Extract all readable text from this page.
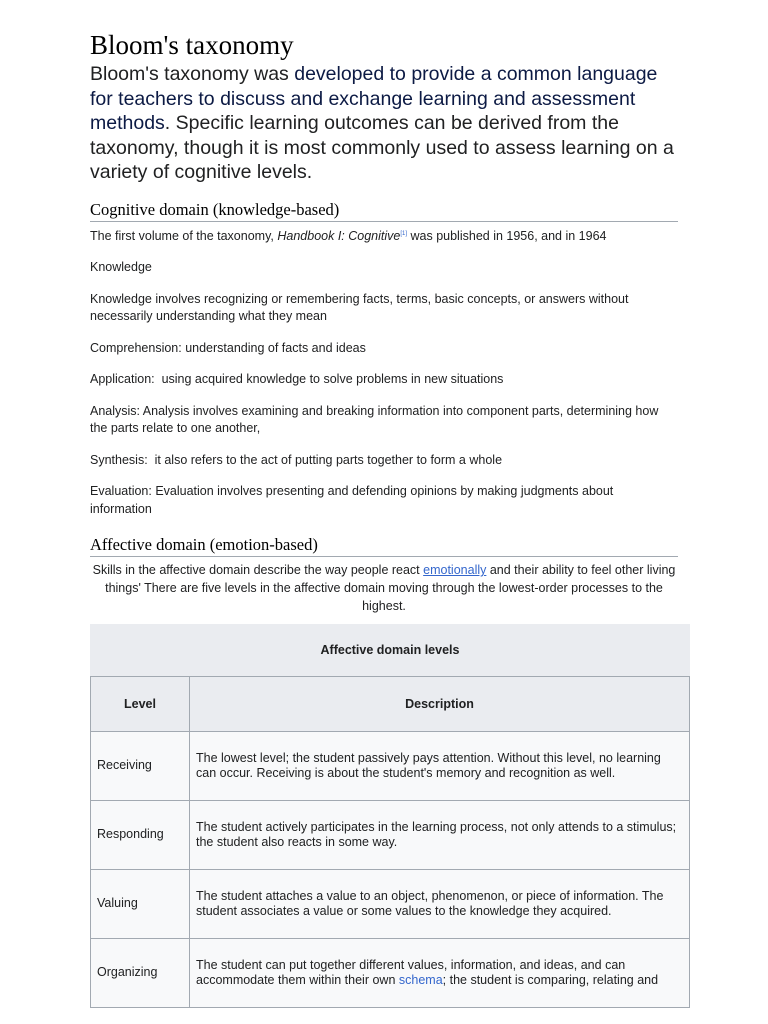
Bloom's taxonomy

Bloom's taxonomy was developed to provide a common language for teachers to discuss and exchange learning and assessment methods. Specific learning outcomes can be derived from the taxonomy, though it is most commonly used to assess learning on a variety of cognitive levels.

Cognitive domain (knowledge-based)

The first volume of the taxonomy, Handbook I: Cognitive[1] was published in 1956, and in 1964

Knowledge

Knowledge involves recognizing or remembering facts, terms, basic concepts, or answers without necessarily understanding what they mean

Comprehension: understanding of facts and ideas

Application:  using acquired knowledge to solve problems in new situations

Analysis: Analysis involves examining and breaking information into component parts, determining how the parts relate to one another,

Synthesis:  it also refers to the act of putting parts together to form a whole

Evaluation: Evaluation involves presenting and defending opinions by making judgments about information

Affective domain (emotion-based)

Skills in the affective domain describe the way people react emotionally and their ability to feel other living things' There are five levels in the affective domain moving through the lowest-order processes to the highest.

Affective domain levels
Level	Description
Receiving	The lowest level; the student passively pays attention. Without this level, no learning can occur. Receiving is about the student's memory and recognition as well.
Responding	The student actively participates in the learning process, not only attends to a stimulus; the student also reacts in some way.
Valuing	The student attaches a value to an object, phenomenon, or piece of information. The student associates a value or some values to the knowledge they acquired.
Organizing	The student can put together different values, information, and ideas, and can accommodate them within their own schema; the student is comparing, relating and
